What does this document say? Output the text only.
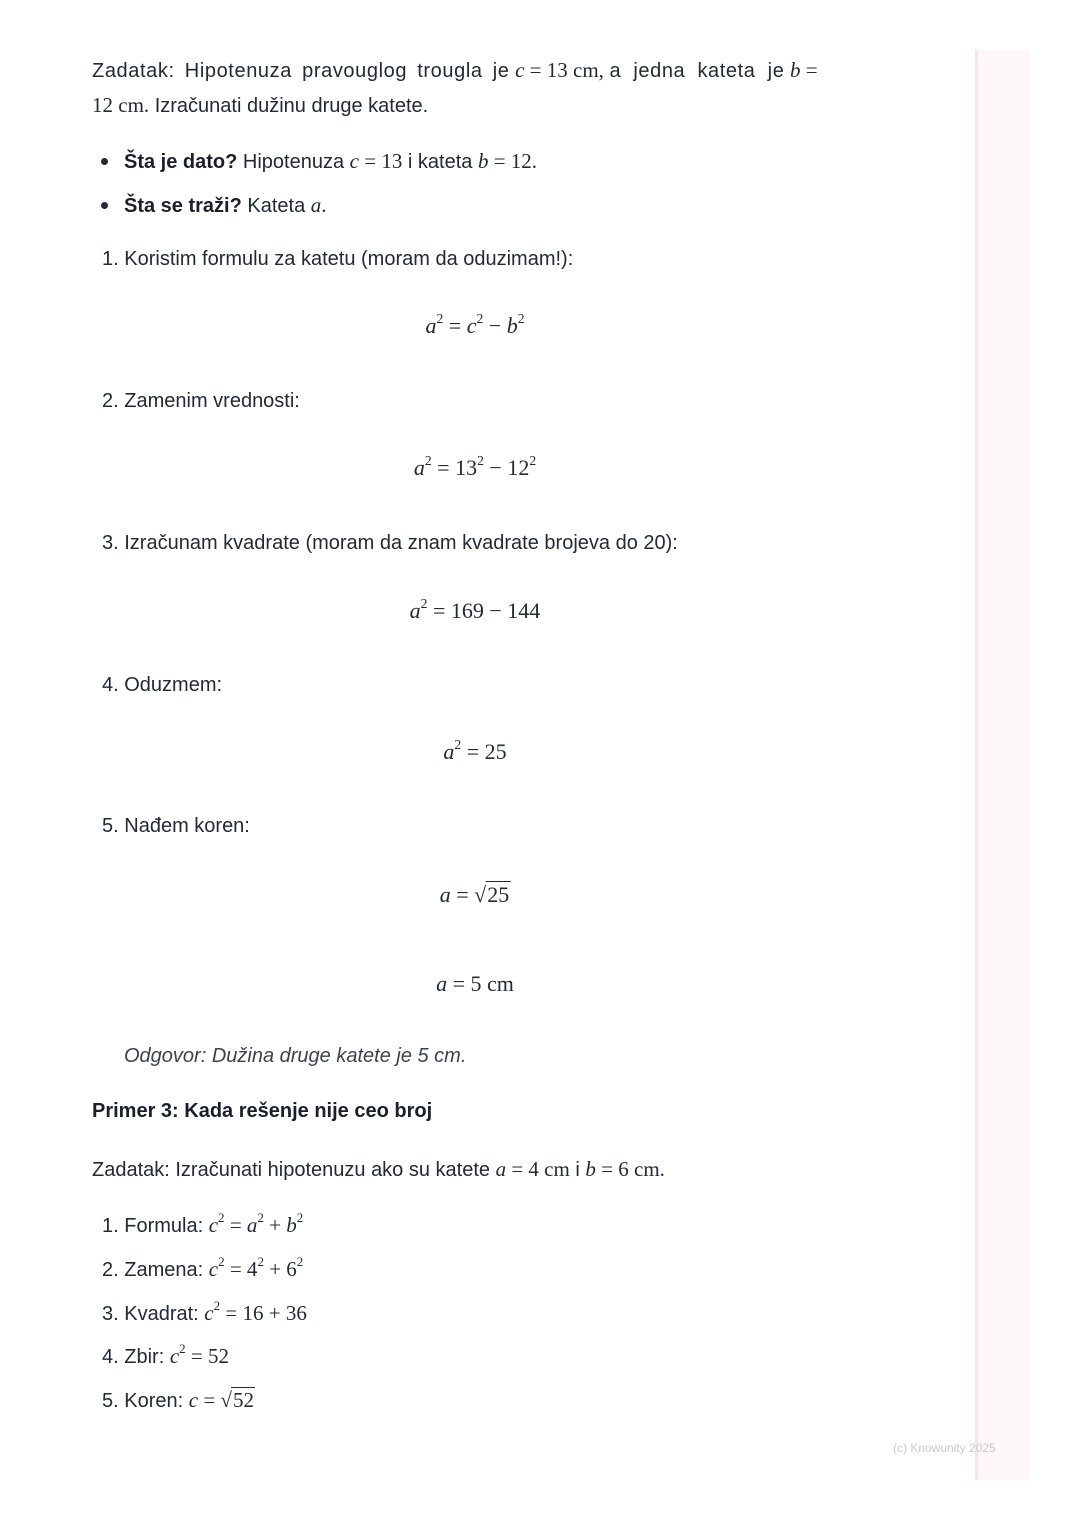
Zadatak: Hipotenuza pravouglog trougla je c = 13 cm, a jedna kateta je b =
12 cm. Izračunati dužinu druge katete.
Šta je dato? Hipotenuza c = 13 i kateta b = 12.
Šta se traži? Kateta a.
1. Koristim formulu za katetu (moram da oduzimam!):
$a^2 = c^2 - b^2$
2. Zamenim vrednosti:
$a^2 = 13^2 - 12^2$
3. Izračunam kvadrate (moram da znam kvadrate brojeva do 20):
$a^2 = 169 - 144$
4. Oduzmem:
$a^2 = 25$
5. Nađem koren:
a = √25
a = 5 cm
Odgovor: Dužina druge katete je 5 cm.
Primer 3: Kada rešenje nije ceo broj
Zadatak: Izračunati hipotenuzu ako su katete a = 4 cm i b = 6 cm.
1. Formula: $c^2 = a^2 + b^2$
2. Zamena: $c^2 = 4^2 + 6^2$
3. Kvadrat: $c^2 = 16 + 36$
4. Zbir: $c^2 = 52$
5. Koren: c = √52
(c) Knowunity 2025
